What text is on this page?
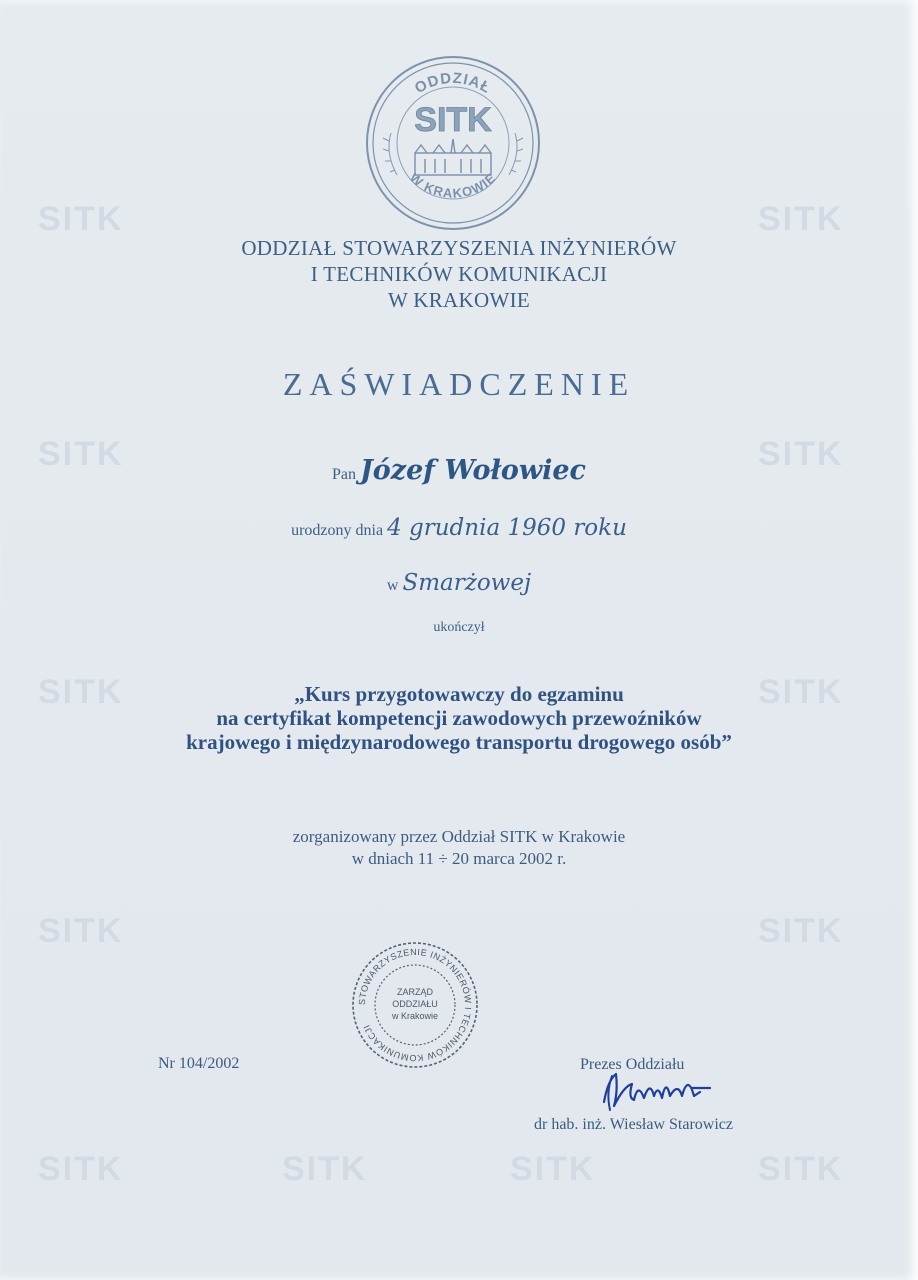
SITK	SITK
SITK	SITK
SITK	SITK
SITK	SITK
SITK	SITK	SITK	SITK
ODDZIAŁ
W KRAKOWIE
SITK
ODDZIAŁ STOWARZYSZENIA INŻYNIERÓW
I TECHNIKÓW KOMUNIKACJI
W KRAKOWIE
ZAŚWIADCZENIE
Pan Józef Wołowiec
urodzony dnia 4 grudnia 1960 roku
w Smarżowej
ukończył
„Kurs przygotowawczy do egzaminu
na certyfikat kompetencji zawodowych przewoźników
krajowego i międzynarodowego transportu drogowego osób”
zorganizowany przez Oddział SITK w Krakowie
w dniach 11 ÷ 20 marca 2002 r.
STOWARZYSZENIE INŻYNIERÓW I TECHNIKÓW KOMUNIKACJI
ZARZĄD
ODDZIAŁU
w Krakowie
Nr 104/2002	Prezes Oddziału
dr hab. inż. Wiesław Starowicz
